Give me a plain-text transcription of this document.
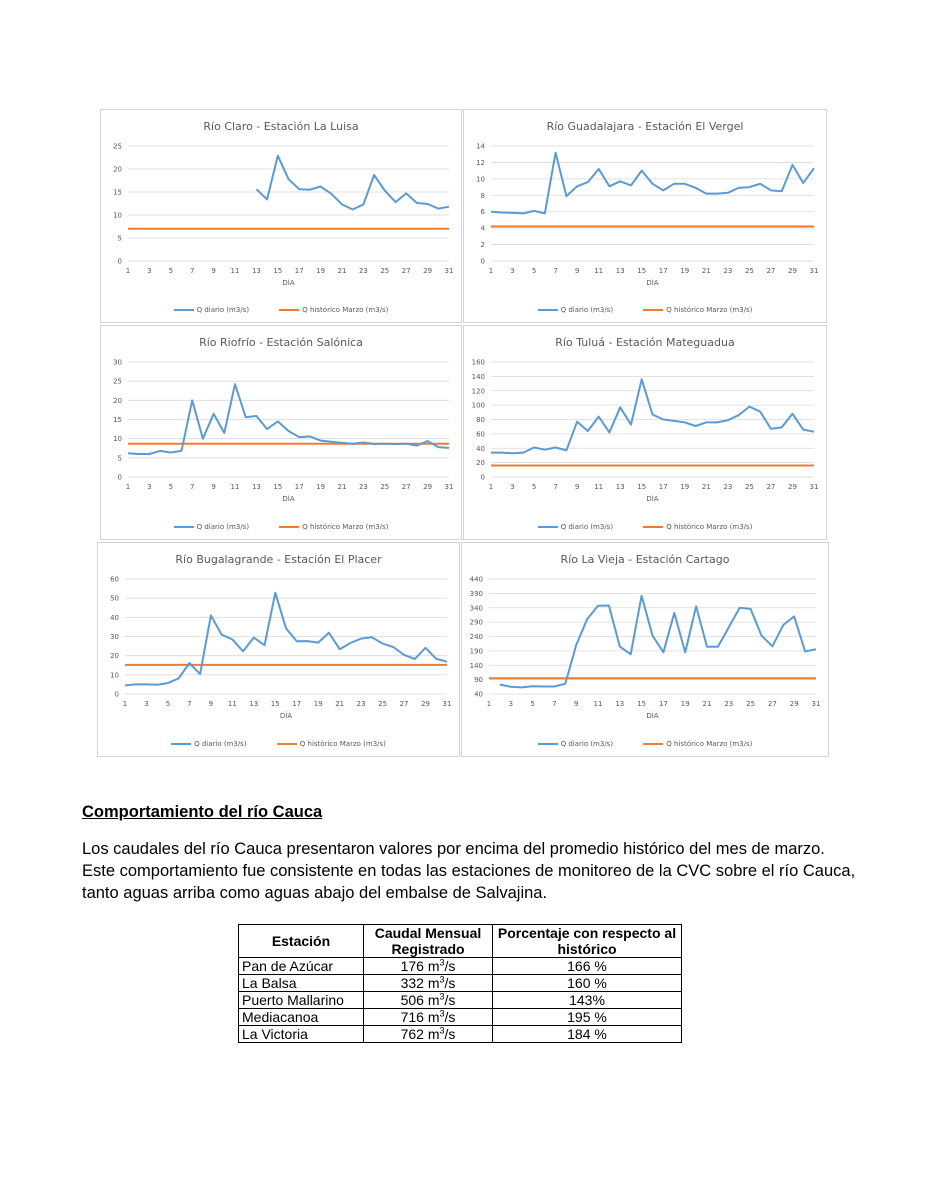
Río Claro - Estación La Luisa
0
5
10
15
20
25
1 3 5 7 9 11 13 15 17 19 21 23 25 27 29 31
DÍA
Q diario (m3/s)
	Q histórico Marzo (m3/s)
Río Guadalajara - Estación El Vergel
0
2
4
6
8
10
12
14
1 3 5 7 9 11 13 15 17 19 21 23 25 27 29 31
DÍA
Q diario (m3/s)
	Q histórico Marzo (m3/s)
Río Riofrío - Estación Salónica
0
5
10
15
20
25
30
1 3 5 7 9 11 13 15 17 19 21 23 25 27 29 31
DÍA
Q diario (m3/s)
	Q histórico Marzo (m3/s)
Río Tuluá - Estación Mateguadua
0
20
40
60
80
100
120
140
160
1 3 5 7 9 11 13 15 17 19 21 23 25 27 29 31
DÍA
Q diario (m3/s)
	Q histórico Marzo (m3/s)
Río Bugalagrande - Estación El Placer
0
10
20
30
40
50
60
1 3 5 7 9 11 13 15 17 19 21 23 25 27 29 31
DÍA
Q diario (m3/s)
	Q histórico Marzo (m3/s)
Río La Vieja - Estación Cartago
40
90
140
190
240
290
340
390
440
1 3 5 7 9 11 13 15 17 19 21 23 25 27 29 31
DÍA
Q diario (m3/s)
	Q histórico Marzo (m3/s)
Comportamiento del río Cauca

Los caudales del río Cauca presentaron valores por encima del promedio histórico del mes de marzo. Este comportamiento fue consistente en todas las estaciones de monitoreo de la CVC sobre el río Cauca, tanto aguas arriba como aguas abajo del embalse de Salvajina.

Estación	Caudal Mensual Registrado	Porcentaje con respecto al histórico
Pan de Azúcar	176 $m^3/s$	166 %
La Balsa	332 $m^3/s$	160 %
Puerto Mallarino	506 $m^3/s$	143%
Mediacanoa	716 $m^3/s$	195 %
La Victoria	762 $m^3/s$	184 %
